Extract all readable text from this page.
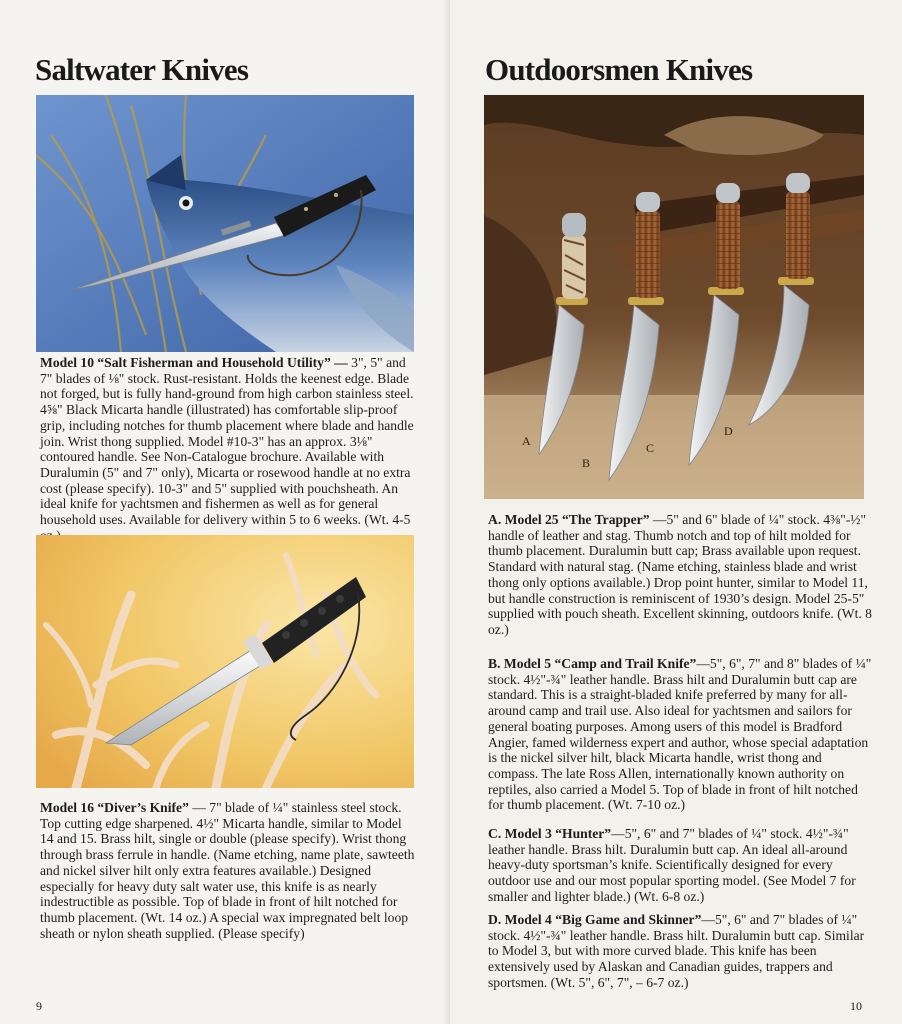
Saltwater Knives

Model 10 “Salt Fisherman and Household Utility” — 3", 5" and 7" blades of ⅛" stock. Rust-resistant. Holds the keenest edge. Blade not forged, but is fully hand-ground from high carbon stainless steel. 4⅝" Black Micarta handle (illustrated) has comfortable slip-proof grip, including notches for thumb placement where blade and handle join. Wrist thong supplied. Model #10-3" has an approx. 3⅛" contoured handle. See Non-Catalogue brochure. Available with Duralumin (5" and 7" only), Micarta or rosewood handle at no extra cost (please specify). 10-3" and 5" supplied with pouchsheath. An ideal knife for yachtsmen and fishermen as well as for general household uses. Available for delivery within 5 to 6 weeks. (Wt. 4-5

Model 16 “Diver’s Knife” — 7" blade of ¼" stainless steel stock. Top cutting edge sharpened. 4½" Micarta handle, similar to Model 14 and 15. Brass hilt, single or double (please specify). Wrist thong through brass ferrule in handle. (Name etching, name plate, sawteeth and nickel silver hilt only extra features available.) Designed especially for heavy duty salt water use, this knife is as nearly indestructible as possible. Top of blade in front of hilt notched for thumb placement. (Wt. 14 oz.) A special wax impregnated belt loop sheath or nylon sheath supplied. (Please specify)

9
Outdoorsmen Knives
A
B
C
D

A. Model 25 “The Trapper” —5" and 6" blade of ¼" stock. 4⅜"-½" handle of leather and stag. Thumb notch and top of hilt molded for thumb placement. Duralumin butt cap; Brass available upon request. Standard with natural stag. (Name etching, stainless blade and wrist thong only options available.) Drop point hunter, similar to Model 11, but handle construction is reminiscent of 1930’s design. Model 25-5" supplied with pouch sheath. Excellent skinning, outdoors knife. (Wt. 8 oz.)

B. Model 5 “Camp and Trail Knife”—5", 6", 7" and 8" blades of ¼" stock. 4½"-¾" leather handle. Brass hilt and Duralumin butt cap are standard. This is a straight-bladed knife preferred by many for all-around camp and trail use. Also ideal for yachtsmen and sailors for general boating purposes. Among users of this model is Bradford Angier, famed wilderness expert and author, whose special adaptation is the nickel silver hilt, black Micarta handle, wrist thong and compass. The late Ross Allen, internationally known authority on reptiles, also carried a Model 5. Top of blade in front of hilt notched for thumb placement. (Wt. 7-10 oz.)

C. Model 3 “Hunter”—5", 6" and 7" blades of ¼" stock. 4½"-¾" leather handle. Brass hilt. Duralumin butt cap. An ideal all-around heavy-duty sportsman’s knife. Scientifically designed for every outdoor use and our most popular sporting model. (See Model 7 for smaller and lighter blade.) (Wt. 6-8 oz.)

D. Model 4 “Big Game and Skinner”—5", 6" and 7" blades of ¼" stock. 4½"-¾" leather handle. Brass hilt. Duralumin butt cap. Similar to Model 3, but with more curved blade. This knife has been extensively used by Alaskan and Canadian guides, trappers and sportsmen. (Wt. 5", 6", 7", – 6-7 oz.)

10
